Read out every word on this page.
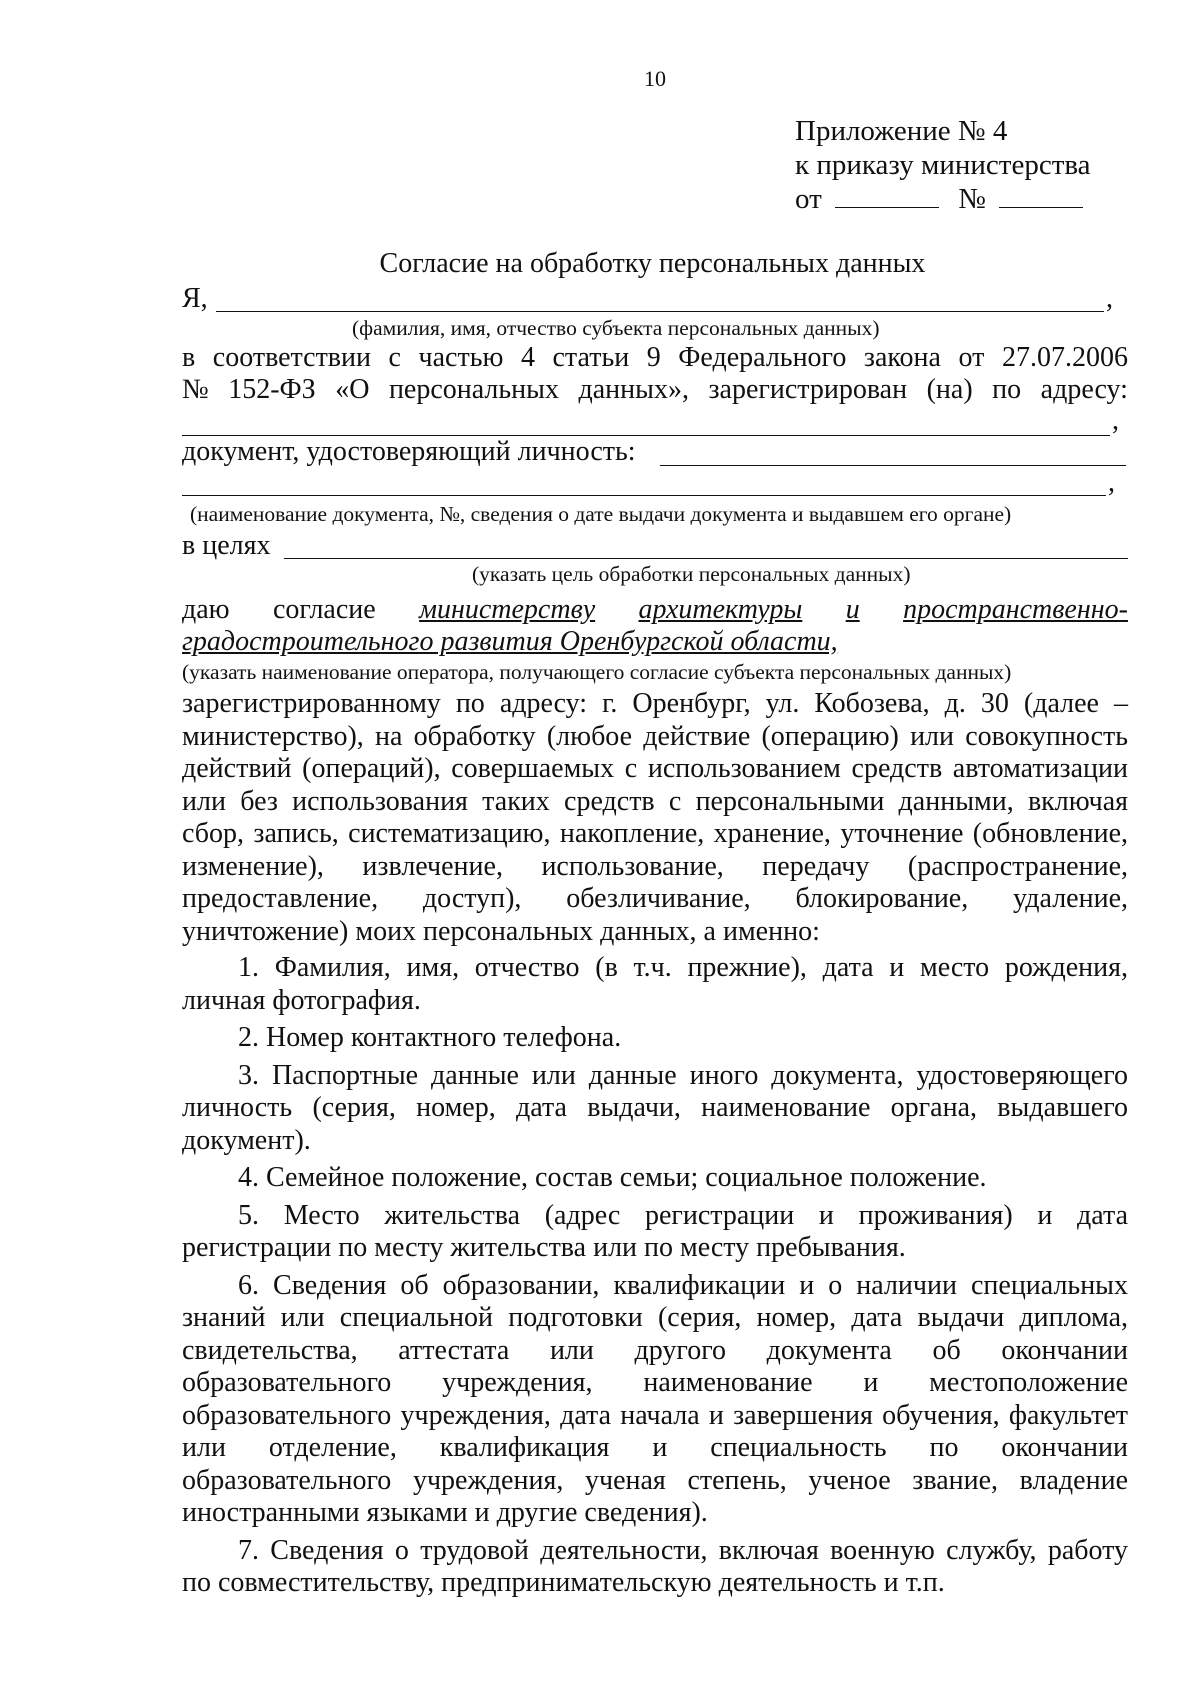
10
Приложение № 4
к приказу министерства
от	№
Согласие на обработку персональных данных
Я,	,
(фамилия, имя, отчество субъекта персональных данных)
в соответствии с частью 4 статьи 9 Федерального закона от 27.07.2006
№ 152-ФЗ «О персональных данных», зарегистрирован (на) по адресу:
,
документ, удостоверяющий личность:
,
(наименование документа, №, сведения о дате выдачи документа и выдавшем его органе)
в целях
(указать цель обработки персональных данных)
даю согласие министерству архитектуры и пространственно-
градостроительного развития Оренбургской области,
(указать наименование оператора, получающего согласие субъекта персональных данных)
зарегистрированному по адресу: г. Оренбург, ул. Кобозева, д. 30 (далее – министерство), на обработку (любое действие (операцию) или совокупность действий (операций), совершаемых с использованием средств автоматизации или без использования таких средств с персональными данными, включая сбор, запись, систематизацию, накопление, хранение, уточнение (обновление, изменение), извлечение, использование, передачу (распространение, предоставление, доступ), обезличивание, блокирование, удаление, уничтожение) моих персональных данных, а именно:

1. Фамилия, имя, отчество (в т.ч. прежние), дата и место рождения, личная фотография.

2. Номер контактного телефона.

3. Паспортные данные или данные иного документа, удостоверяющего личность (серия, номер, дата выдачи, наименование органа, выдавшего документ).

4. Семейное положение, состав семьи; социальное положение.

5. Место жительства (адрес регистрации и проживания) и дата регистрации по месту жительства или по месту пребывания.

6. Сведения об образовании, квалификации и о наличии специальных знаний или специальной подготовки (серия, номер, дата выдачи диплома, свидетельства, аттестата или другого документа об окончании образовательного учреждения, наименование и местоположение образовательного учреждения, дата начала и завершения обучения, факультет или отделение, квалификация и специальность по окончании образовательного учреждения, ученая степень, ученое звание, владение иностранными языками и другие сведения).

7. Сведения о трудовой деятельности, включая военную службу, работу по совместительству, предпринимательскую деятельность и т.п.
